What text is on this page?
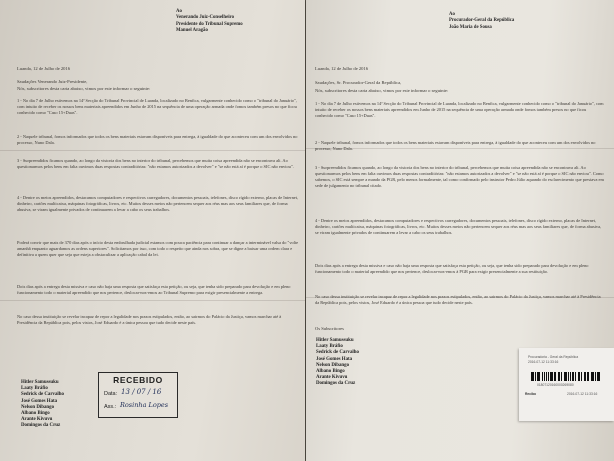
Ao
Venerando Juiz-Conselheiro
Presidente do Tribunal Supremo
Manuel Aragão
Luanda, 12 de Julho de 2016
Saudações Venerando Juiz-Presidente,
Nós, subscritores desta carta abaixo, vimos por este informar o seguinte:
1 - No dia 7 de Julho estivemos na 14ª Secção do Tribunal Provincial de Luanda, localizado no Benfica, vulgarmente conhecido como o "tribunal do Januário", com intuito de receber os nossos bens materiais apreendidos em Junho de 2015 na sequência de uma operação armada onde fomos também presos no que ficou conhecido como "Caso 15+Duas".
2 - Naquele tribunal, fomos informados que todos os bens materiais estavam disponíveis para entrega, à igualdade do que aconteceu com um dos envolvidos no processo, Nuno Dala.
3 - Surpreendidos ficamos quando, ao longo da vistoria dos bens no interior do tribunal, percebemos que muita coisa apreendida não se encontrava ali. Ao questionarmos pelos bens em falta ouvimos duas respostas contraditórias: "não estamos autorizados a devolver" e "se não está aí é porque o SIC não enviou".
4 - Dentre os meios apreendidos, destacamos computadores e respectivos carregadores, documentos pessoais, telefones, disco rígido externo, placas de Internet, dinheiro, cartões multicaixa, máquinas fotográficas, livros, etc. Muitos desses meios não pertencem sequer aos réus mas aos seus familiares que, de forma abusiva, se viram igualmente privados de continuarem a levar a cabo os seus trabalhos.
Poderá convir que mais de 370 dias após o início desta embrulhada judicial estamos com pouca paciência para continuar a dançar a interminável valsa do "volte amanhã enquanto aguardamos as ordens superiores". Solicitamos por isso, com todo o respeito que ainda nos sobra, que se digne a baixar uma ordem clara e definitiva a quem quer que seja que esteja a obstaculizar a aplicação cabal da lei.
Dois dias após a entrega desta missiva e caso não haja uma resposta que satisfaça esta petição, ou seja, que tenha sido preparado para devolução e em pleno funcionamento todo o material apreendido que nos pertence, deslocar-nos-emos ao Tribunal Supremo para exigir presencialmente a entrega.
No caso dessa instituição se revelar incapaz de repor a legalidade nos prazos estipulados, então, ao sairmos do Palácio da Justiça, vamos marchar até à Presidência da República pois, pelos vistos, José Eduardo é a única pessoa que tudo decide neste país.
Hitler Samussuku
Laaty Bráfio
Sedrick de Carvalho
José Gomes Hata
Nelson Dibango
Albano Bingo
Arante Kivuvu
Domingos da Cruz
RECEBIDO
Data: 13 / 07 / 16
Ass.: Rosinha Lopes
Ao
Procurador-Geral da República
João Maria de Sousa
Luanda, 12 de Julho de 2016
Saudações, Sr. Procurador-Geral da República,
Nós, subscritores desta carta abaixo, vimos por este informar o seguinte:
1 - No dia 7 de Julho estivemos na 14ª Secção do Tribunal Provincial de Luanda, localizado no Benfica, vulgarmente conhecido como o "tribunal do Januário", com intuito de receber os nossos bens materiais apreendidos em Junho de 2015 na sequência de uma operação armada onde fomos também presos no que ficou conhecido como "Caso 15+Duas".
2 - Naquele tribunal, fomos informados que todos os bens materiais estavam disponíveis para entrega, à igualdade do que aconteceu com um dos envolvidos no processo, Nuno Dala.
3 - Surpreendidos ficamos quando, ao longo da vistoria dos bens no interior do tribunal, percebemos que muita coisa apreendida não se encontrava ali. Ao questionarmos pelos bens em falta ouvimos duas respostas contraditórias: "não estamos autorizados a devolver" e "se não está aí é porque o SIC não enviou". Como sabemos, o SIC está sempre a mando da PGR, pelo menos formalmente, tal como confirmado pelo instrutor Pedro Júlio aquando do esclarecimento que prestava em sede de julgamento no tribunal citado.
4 - Dentre os meios apreendidos, destacamos computadores e respectivos carregadores, documentos pessoais, telefones, disco rígido externo, placas de Internet, dinheiro, cartões multicaixa, máquinas fotográficas, livros, etc. Muitos desses meios não pertencem sequer aos réus mas aos seus familiares que, de forma abusiva, se viram igualmente privados de continuarem a levar a cabo os seus trabalhos.
Dois dias após a entrega desta missiva e caso não haja uma resposta que satisfaça esta petição, ou seja, que tenha sido preparado para devolução e em pleno funcionamento todo o material apreendido que nos pertence, deslocar-nos-emos à PGR para exigir presencialmente a sua restituição.
No caso dessa instituição se revelar incapaz de repor a legalidade nos prazos estipulados, então, ao sairmos do Palácio da Justiça, vamos marchar até à Presidência da República pois, pelos vistos, José Eduardo é a única pessoa que tudo decide neste país.
Os Subscritores
Hitler Samussuku
Laaty Bráfio
Sedrick de Carvalho
José Gomes Hata
Nelson Dibango
Albano Bingo
Arante Kivuvu
Domingos da Cruz
Procuradoria - Geral da República
2016-07-12 11:33:16
01807120160000269080
Recibo	2016-07-12 11:33:16
